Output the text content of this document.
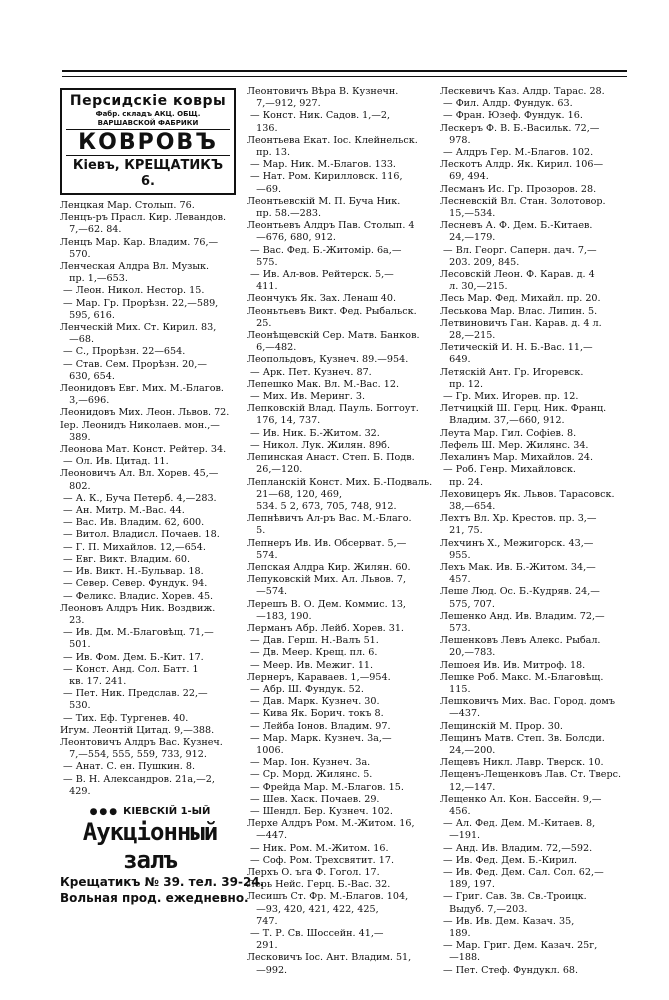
Персидскiе ковры
Фабр. складъ АКЦ. ОБЩ.
ВАРШАВСКОЙ ФАБРИКИ
КОВРОВЪ
Кiевъ, КРЕЩАТИКЪ 6.
Ленцкая Мар. Столып. 76.
Ленцъ-ръ Прасл. Кир. Левандов.
7,—62. 84.
Ленцъ Мар. Кар. Владим. 76,—
570.
Ленческая Алдра Вл. Музык.
пр. 1,—653.
— Леон. Никол. Нестор. 15.
— Мар. Гр. Прорѣзн. 22,—589,
595, 616.
Ленческiй Мих. Ст. Кирил. 83,
—68.
— С., Прорѣзн. 22—654.
— Став. Сем. Прорѣзн. 20,—
630, 654.
Леонидовъ Евг. Мих. М.-Благов.
3,—696.
Леонидовъ Мих. Леон. Львов. 72.
Iер. Леонидъ Николаев. мон.,—
389.
Леонова Мат. Конст. Рейтер. 34.
— Ол. Ив. Цитад. 11.
Леоновичъ Ал. Вл. Хорев. 45,—
802.
— А. К., Буча Петерб. 4,—283.
— Ан. Митр. М.-Вас. 44.
— Вас. Ив. Владим. 62, 600.
— Витол. Владисл. Почаев. 18.
— Г. П. Михайлов. 12,—654.
— Евг. Викт. Владим. 60.
— Ив. Викт. Н.-Бульвар. 18.
— Север. Север. Фундук. 94.
— Феликс. Владис. Хорев. 45.
Леоновъ Алдръ Ник. Воздвиж.
23.
— Ив. Дм. М.-Благовѣщ. 71,—
501.
— Ив. Фом. Дем. Б.-Кит. 17.
— Конст. Анд. Сол. Батт. 1
кв. 17. 241.
— Пет. Ник. Предслав. 22,—
530.
— Тих. Еф. Тургенев. 40.
Игум. Леонтiй Цитад. 9,—388.
Леонтовичъ Алдръ Вас. Кузнеч.
7,—554, 555, 559, 733, 912.
— Анат. С. ен. Пушкин. 8.
— В. Н. Александров. 21а,—2,
429.
●●● КIЕВСКIЙ 1-ЫЙ
Аукцiонный залъ
Крещатикъ № 39. тел. 39-24.
Вольная прод. ежедневно.
Леонтовичъ Вѣра В. Кузнечн.
7,—912, 927.
— Конст. Ник. Садов. 1,—2,
136.
Леонтьева Екат. Iос. Клейнельск.
пр. 13.
— Мар. Ник. М.-Благов. 133.
— Нат. Ром. Кирилловск. 116,
—69.
Леонтьевскiй М. П. Буча Ник.
пр. 58.—283.
Леонтьевъ Алдръ Пав. Столып. 4
—676, 680, 912.
— Вас. Фед. Б.-Житомiр. 6а,—
575.
— Ив. Ал-вов. Рейтерск. 5,—
411.
Леончукъ Як. Зах. Ленаш 40.
Леоньтьевъ Викт. Фед. Рыбальск.
25.
Леонѣщевскiй Сер. Матв. Банков.
6,—482.
Леопольдовъ, Кузнеч. 89.—954.
— Арк. Пет. Кузнеч. 87.
Лепешко Мак. Вл. М.-Вас. 12.
— Мих. Ив. Меринг. 3.
Лепковскiй Влад. Пауль. Боггоут.
176, 14, 737.
— Ив. Ник. Б.-Житом. 32.
— Никол. Лук. Жилян. 89б.
Лепинская Анаст. Степ. Б. Подв.
26,—120.
Лепланскiй Конст. Мих. Б.-Подваль.
21—68, 120, 469,
534. 5 2, 673, 705, 748, 912.
Лепнѣвичъ Ал-ръ Вас. М.-Благо.
5.
Лепнеръ Ив. Ив. Обсерват. 5,—
574.
Лепская Алдра Кир. Жилян. 60.
Лепуковскiй Мих. Ал. Львов. 7,
—574.
Лерешъ В. О. Дем. Коммис. 13,
—183, 190.
Лерманъ Абр. Лейб. Хорев. 31.
— Дав. Герш. Н.-Валъ 51.
— Дв. Меер. Крещ. пл. 6.
— Меер. Ив. Межиг. 11.
Лернеръ, Караваев. 1,—954.
— Абр. Ш. Фундук. 52.
— Дав. Марк. Кузнеч. 30.
— Кива Як. Борич. токъ 8.
— Лейба Iонов. Владим. 97.
— Мар. Марк. Кузнеч. 3а,—
1006.
— Мар. Iон. Кузнеч. 3а.
— Ср. Морд. Жилянс. 5.
— Фрейда Мар. М.-Благов. 15.
— Шев. Хаск. Почаев. 29.
— Шендл. Бер. Кузнеч. 102.
Лерхе Алдръ Ром. М.-Житом. 16,
—447.
— Ник. Ром. М.-Житом. 16.
— Соф. Ром. Трехсвятит. 17.
Лерхъ О. ъга Ф. Гогол. 17.
Лерь Нейс. Герц. Б.-Вас. 32.
Лесишъ Ст. Фр. М.-Благов. 104,
—93, 420, 421, 422, 425,
747.
— Т. Р. Св. Шоссейн. 41,—
291.
Лесковичъ Iос. Ант. Владим. 51,
—992.
Лескевичъ Каз. Алдр. Тарас. 28.
— Фил. Алдр. Фундук. 63.
— Фран. Юзеф. Фундук. 16.
Лескеръ Ф. В. Б.-Васильк. 72,—
978.
— Алдръ Гер. М.-Благов. 102.
Лескотъ Алдр. Як. Кирил. 106—
69, 494.
Лесманъ Ис. Гр. Прозоров. 28.
Лесневскiй Вл. Стан. Золотовор.
15,—534.
Лесневъ А. Ф. Дем. Б.-Китаев.
24,—179.
— Вл. Георг. Саперн. дач. 7,—
203. 209, 845.
Лесовскiй Леон. Ф. Карав. д. 4
л. 30,—215.
Лесь Мар. Фед. Михайл. пр. 20.
Леськова Мар. Влас. Липин. 5.
Летвиновичъ Ган. Карав. д. 4 л.
28,—215.
Летическiй И. Н. Б.-Вас. 11,—
649.
Летяскiй Ант. Гр. Игоревск.
пр. 12.
— Гр. Мих. Игорев. пр. 12.
Летчицкiй Ш. Герц. Ник. Франц.
Владим. 37,—660, 912.
Леута Мар. Гил. Софiев. 8.
Лефель Ш. Мер. Жилянс. 34.
Лехалинъ Мар. Михайлов. 24.
— Роб. Генр. Михайловск.
пр. 24.
Леховицеръ Як. Львов. Тарасовск.
38,—654.
Лехтъ Вл. Хр. Крестов. пр. 3,—
21, 75.
Лехчинъ Х., Межигорск. 43,—
955.
Лехъ Мак. Ив. Б.-Житом. 34,—
457.
Леше Люд. Ос. Б.-Кудряв. 24,—
575, 707.
Лешенко Анд. Ив. Владим. 72,—
573.
Лешенковъ Левъ Алекс. Рыбал.
20,—783.
Лешоея Ив. Ив. Митроф. 18.
Лешке Роб. Макс. М.-Благовѣщ.
115.
Лешковичъ Мих. Вас. Город. домъ
—437.
Лещинскiй М. Прор. 30.
Лещинъ Матв. Степ. Зв. Болсди.
24,—200.
Лещевъ Никл. Лавр. Тверск. 10.
Лещенъ-Лещенковъ Лав. Ст. Тверс.
12,—147.
Лещенко Ал. Кон. Бассейн. 9,—
456.
— Ал. Фед. Дем. М.-Китаев. 8,
—191.
— Анд. Ив. Владим. 72,—592.
— Ив. Фед. Дем. Б.-Кирил.
— Ив. Фед. Дем. Сал. Сол. 62,—
189, 197.
— Григ. Сав. Зв. Св.-Троицк.
Выдуб. 7,—203.
— Ив. Ив. Дем. Казач. 35,
189.
— Мар. Григ. Дем. Казач. 25г,
—188.
— Пет. Стеф. Фундукл. 68.
